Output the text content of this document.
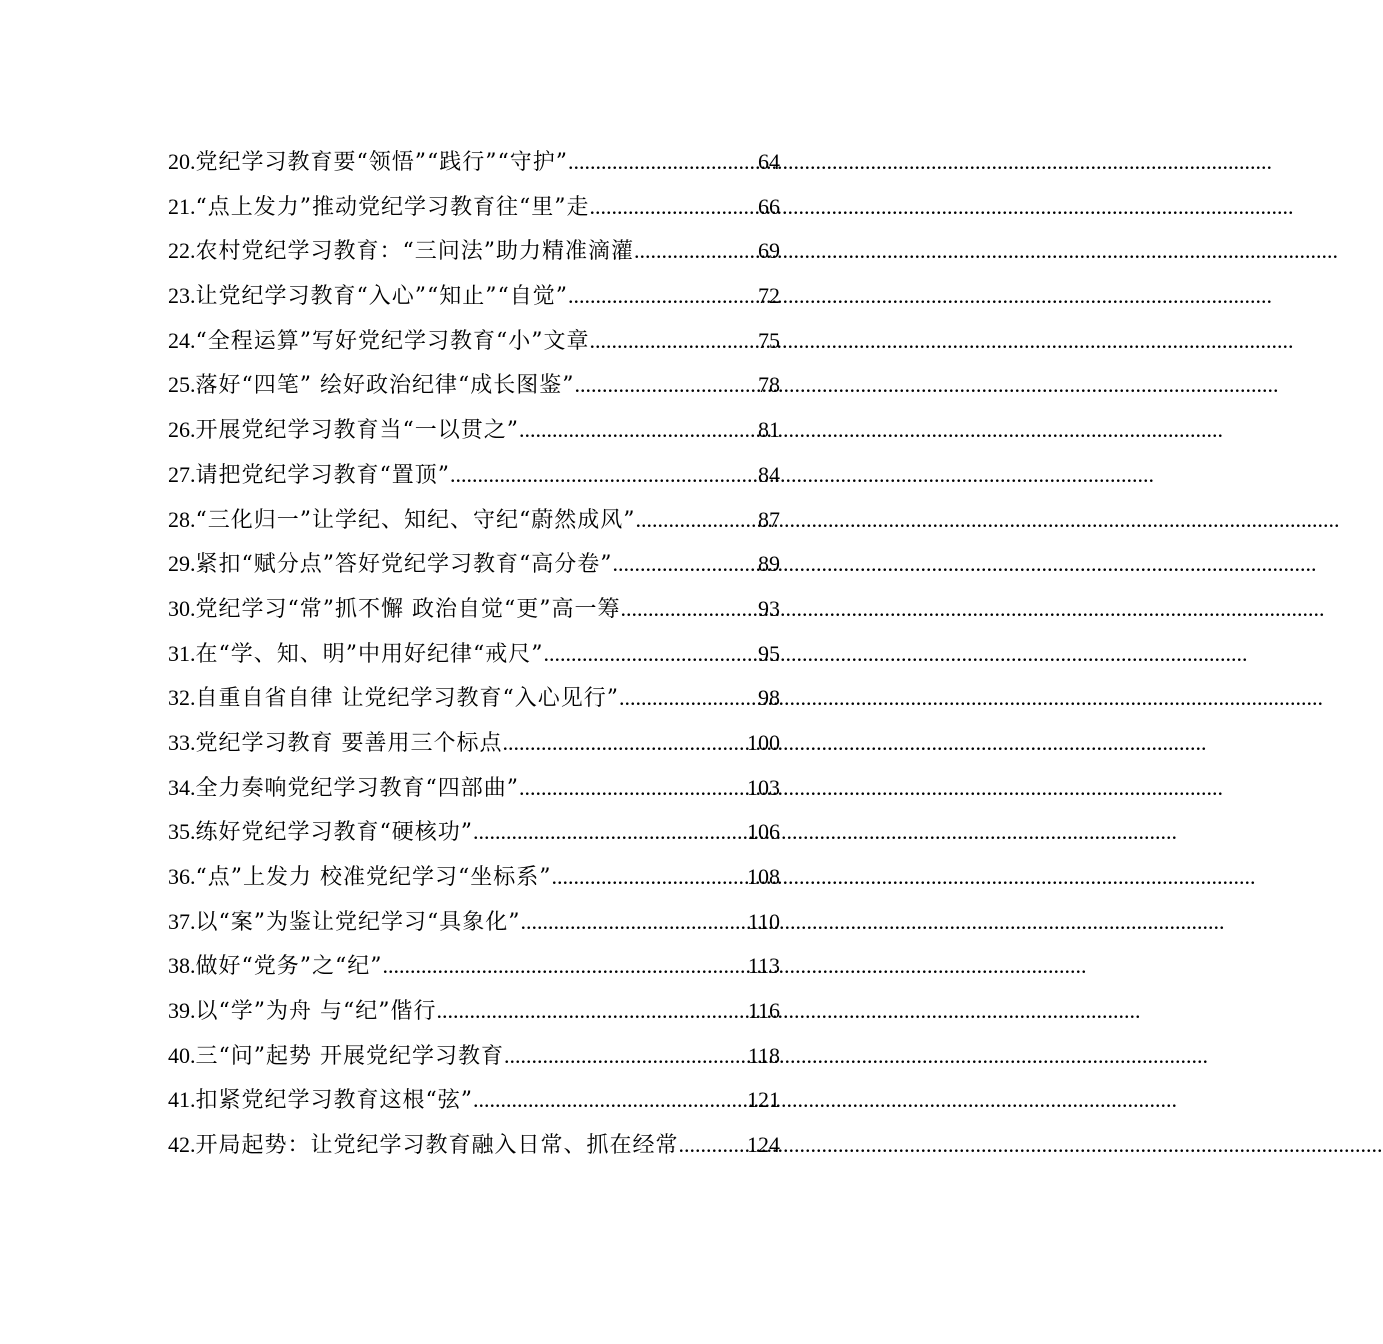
20. 党纪学习教育要“领悟”“践行”“守护” .....	64
21. “点上发力”推动党纪学习教育往“里”走 .....	66
22. 农村党纪学习教育：“三问法”助力精准滴灌 .....	69
23. 让党纪学习教育“入心”“知止”“自觉” .....	72
24. “全程运算”写好党纪学习教育“小”文章 .....	75
25. 落好“四笔” 绘好政治纪律“成长图鉴” .....	78
26. 开展党纪学习教育当“一以贯之” .....	81
27. 请把党纪学习教育“置顶” .....	84
28. “三化归一”让学纪、知纪、守纪“蔚然成风” .....	87
29. 紧扣“赋分点”答好党纪学习教育“高分卷” .....	89
30. 党纪学习“常”抓不懈 政治自觉“更”高一筹 .....	93
31. 在“学、知、明”中用好纪律“戒尺” .....	95
32. 自重自省自律 让党纪学习教育“入心见行” .....	98
33. 党纪学习教育 要善用三个标点 .....	100
34. 全力奏响党纪学习教育“四部曲” .....	103
35. 练好党纪学习教育“硬核功” .....	106
36. “点”上发力 校准党纪学习“坐标系” .....	108
37. 以“案”为鉴让党纪学习“具象化” .....	110
38. 做好“党务”之“纪” .....	113
39. 以“学”为舟 与“纪”偕行 .....	116
40. 三“问”起势 开展党纪学习教育 .....	118
41. 扣紧党纪学习教育这根“弦” .....	121
42. 开局起势：让党纪学习教育融入日常、抓在经常 .....	124
